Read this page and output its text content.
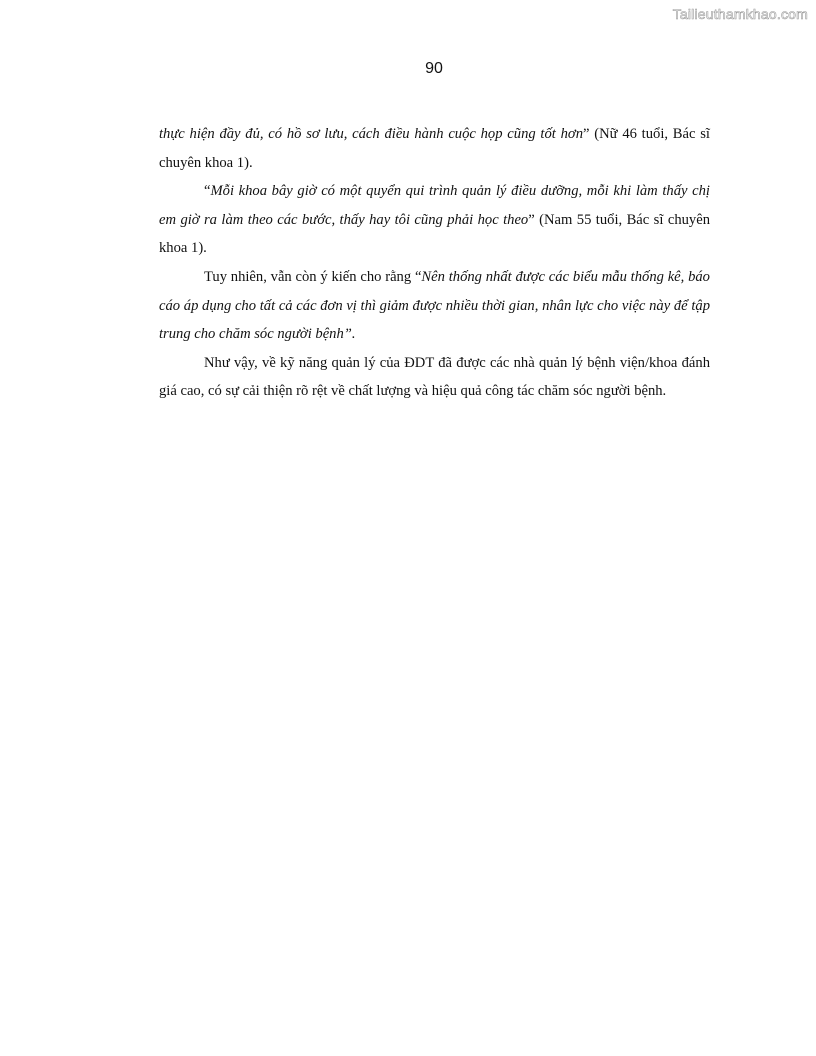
Tailieuthamkhao.com
90

thực hiện đầy đủ, có hồ sơ lưu, cách điều hành cuộc họp cũng tốt hơn” (Nữ 46 tuổi, Bác sĩ chuyên khoa 1).

“Mỗi khoa bây giờ có một quyển qui trình quản lý điều dưỡng, mỗi khi làm thấy chị em giờ ra làm theo các bước, thấy hay tôi cũng phải học theo” (Nam 55 tuổi, Bác sĩ chuyên khoa 1).

Tuy nhiên, vẫn còn ý kiến cho rằng “Nên thống nhất được các biểu mẫu thống kê, báo cáo áp dụng cho tất cả các đơn vị thì giảm được nhiều thời gian, nhân lực cho việc này để tập trung cho chăm sóc người bệnh”.

Như vậy, về kỹ năng quản lý của ĐDT đã được các nhà quản lý bệnh viện/khoa đánh giá cao, có sự cải thiện rõ rệt về chất lượng và hiệu quả công tác chăm sóc người bệnh.
